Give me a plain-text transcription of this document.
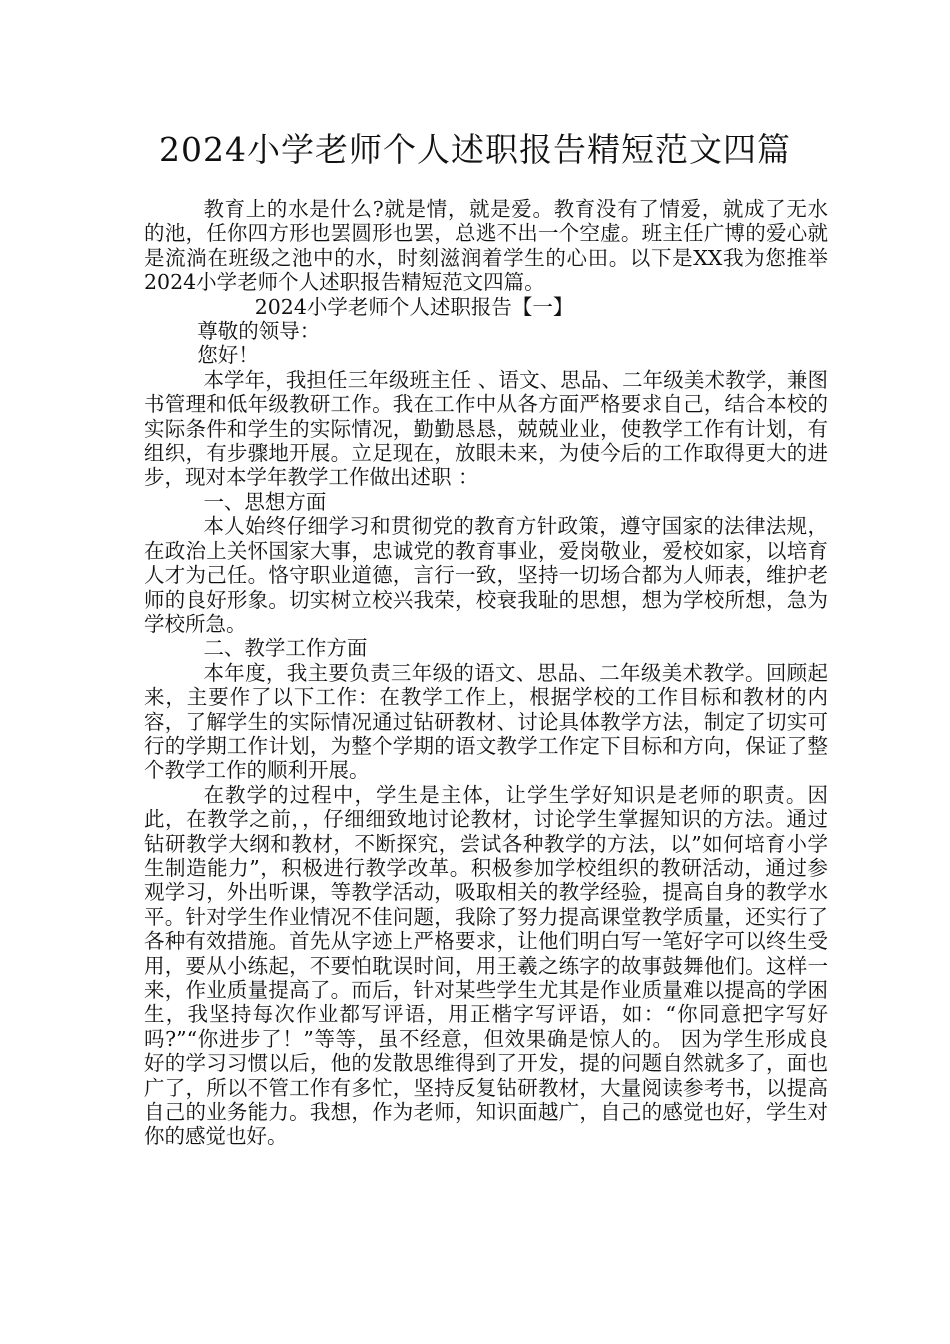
2024小学老师个人述职报告精短范文四篇

教育上的水是什么?就是情，就是爱。教育没有了情爱，就成了无水的池，任你四方形也罢圆形也罢，总逃不出一个空虚。班主任广博的爱心就是流淌在班级之池中的水，时刻滋润着学生的心田。以下是XX我为您推举2024小学老师个人述职报告精短范文四篇。

2024小学老师个人述职报告【一】

尊敬的领导：

您好！

本学年，我担任三年级班主任 、语文、思品、二年级美术教学，兼图书管理和低年级教研工作。我在工作中从各方面严格要求自己，结合本校的实际条件和学生的实际情况，勤勤恳恳，兢兢业业，使教学工作有计划，有组织，有步骤地开展。立足现在，放眼未来，为使今后的工作取得更大的进步，现对本学年教学工作做出述职 ：

一、思想方面

本人始终仔细学习和贯彻党的教育方针政策，遵守国家的法律法规，在政治上关怀国家大事，忠诚党的教育事业，爱岗敬业，爱校如家，以培育人才为己任。恪守职业道德，言行一致，坚持一切场合都为人师表，维护老师的良好形象。切实树立校兴我荣，校衰我耻的思想，想为学校所想，急为学校所急。

二、教学工作方面

本年度，我主要负责三年级的语文、思品、二年级美术教学。回顾起来，主要作了以下工作：在教学工作上，根据学校的工作目标和教材的内容，了解学生的实际情况通过钻研教材、讨论具体教学方法，制定了切实可行的学期工作计划，为整个学期的语文教学工作定下目标和方向，保证了整个教学工作的顺利开展。

在教学的过程中，学生是主体，让学生学好知识是老师的职责。因此，在教学之前，，仔细细致地讨论教材，讨论学生掌握知识的方法。通过钻研教学大纲和教材，不断探究，尝试各种教学的方法，以”如何培育小学生制造能力”，积极进行教学改革。积极参加学校组织的教研活动，通过参观学习，外出听课，等教学活动，吸取相关的教学经验，提高自身的教学水平。针对学生作业情况不佳问题，我除了努力提高课堂教学质量，还实行了各种有效措施。首先从字迹上严格要求，让他们明白写一笔好字可以终生受用，要从小练起，不要怕耽误时间，用王羲之练字的故事鼓舞他们。这样一来，作业质量提高了。而后，针对某些学生尤其是作业质量难以提高的学困生，我坚持每次作业都写评语，用正楷字写评语，如：“你同意把字写好吗?”“你进步了！”等等，虽不经意，但效果确是惊人的。 因为学生形成良好的学习习惯以后，他的发散思维得到了开发，提的问题自然就多了，面也广了，所以不管工作有多忙，坚持反复钻研教材，大量阅读参考书，以提高自己的业务能力。我想，作为老师，知识面越广，自己的感觉也好，学生对你的感觉也好。
